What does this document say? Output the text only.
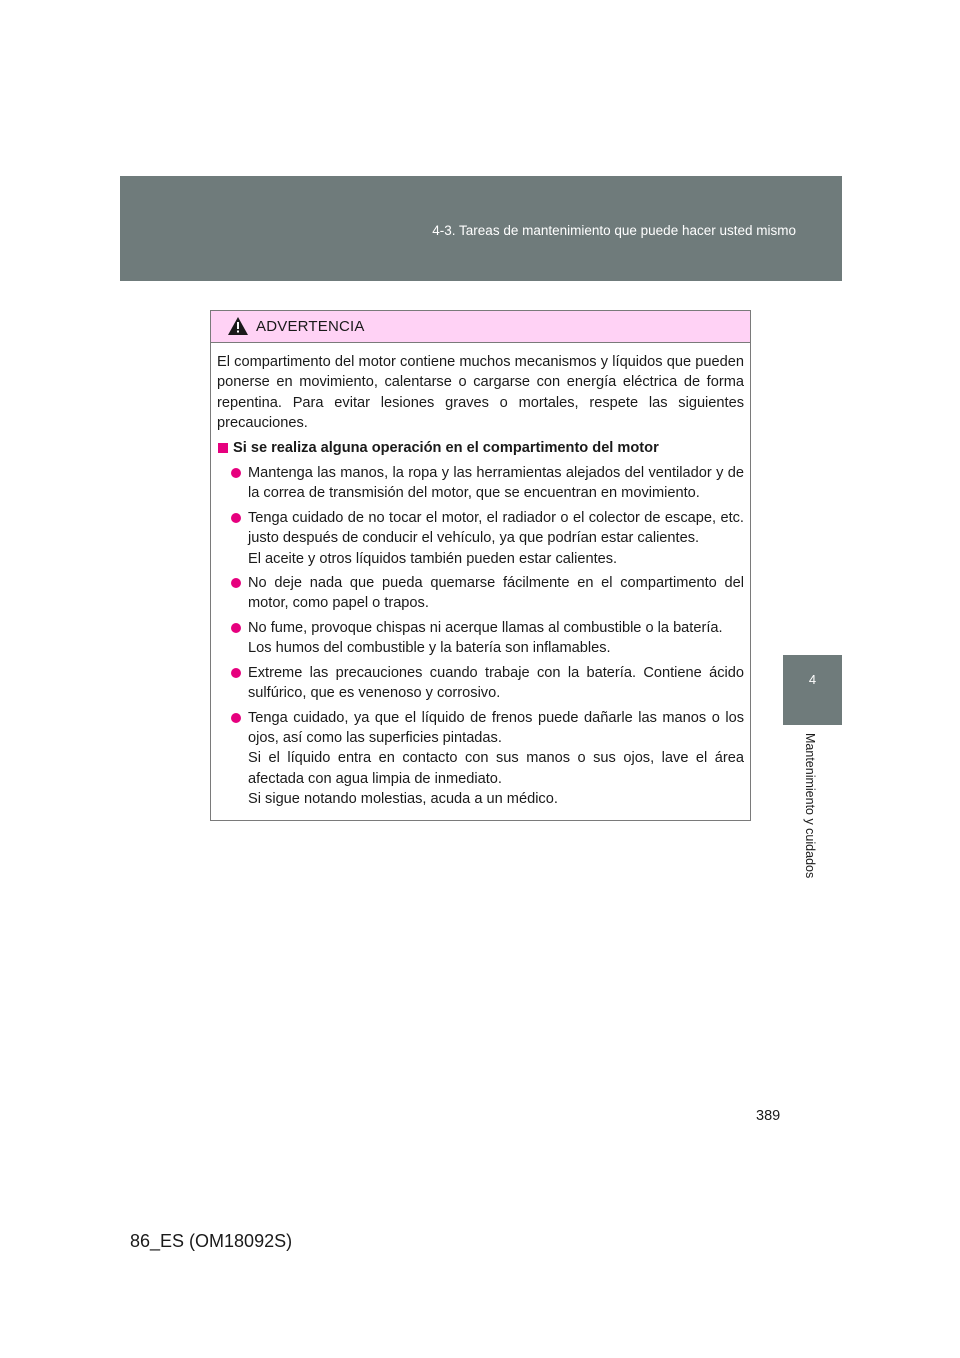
4-3. Tareas de mantenimiento que puede hacer usted mismo
4
Mantenimiento y cuidados
ADVERTENCIA

El compartimento del motor contiene muchos mecanismos y líquidos que pueden ponerse en movimiento, calentarse o cargarse con energía eléctrica de forma repentina. Para evitar lesiones graves o mortales, respete las siguientes precauciones.

Si se realiza alguna operación en el compartimento del motor

Mantenga las manos, la ropa y las herramientas alejados del ventilador y de la correa de transmisión del motor, que se encuentran en movimiento.
Tenga cuidado de no tocar el motor, el radiador o el colector de escape, etc. justo después de conducir el vehículo, ya que podrían estar calientes.
El aceite y otros líquidos también pueden estar calientes.
No deje nada que pueda quemarse fácilmente en el compartimento del motor, como papel o trapos.
No fume, provoque chispas ni acerque llamas al combustible o la batería.
Los humos del combustible y la batería son inflamables.
Extreme las precauciones cuando trabaje con la batería. Contiene ácido sulfúrico, que es venenoso y corrosivo.
Tenga cuidado, ya que el líquido de frenos puede dañarle las manos o los ojos, así como las superficies pintadas.
Si el líquido entra en contacto con sus manos o sus ojos, lave el área afectada con agua limpia de inmediato.
Si sigue notando molestias, acuda a un médico.
389
86_ES (OM18092S)
